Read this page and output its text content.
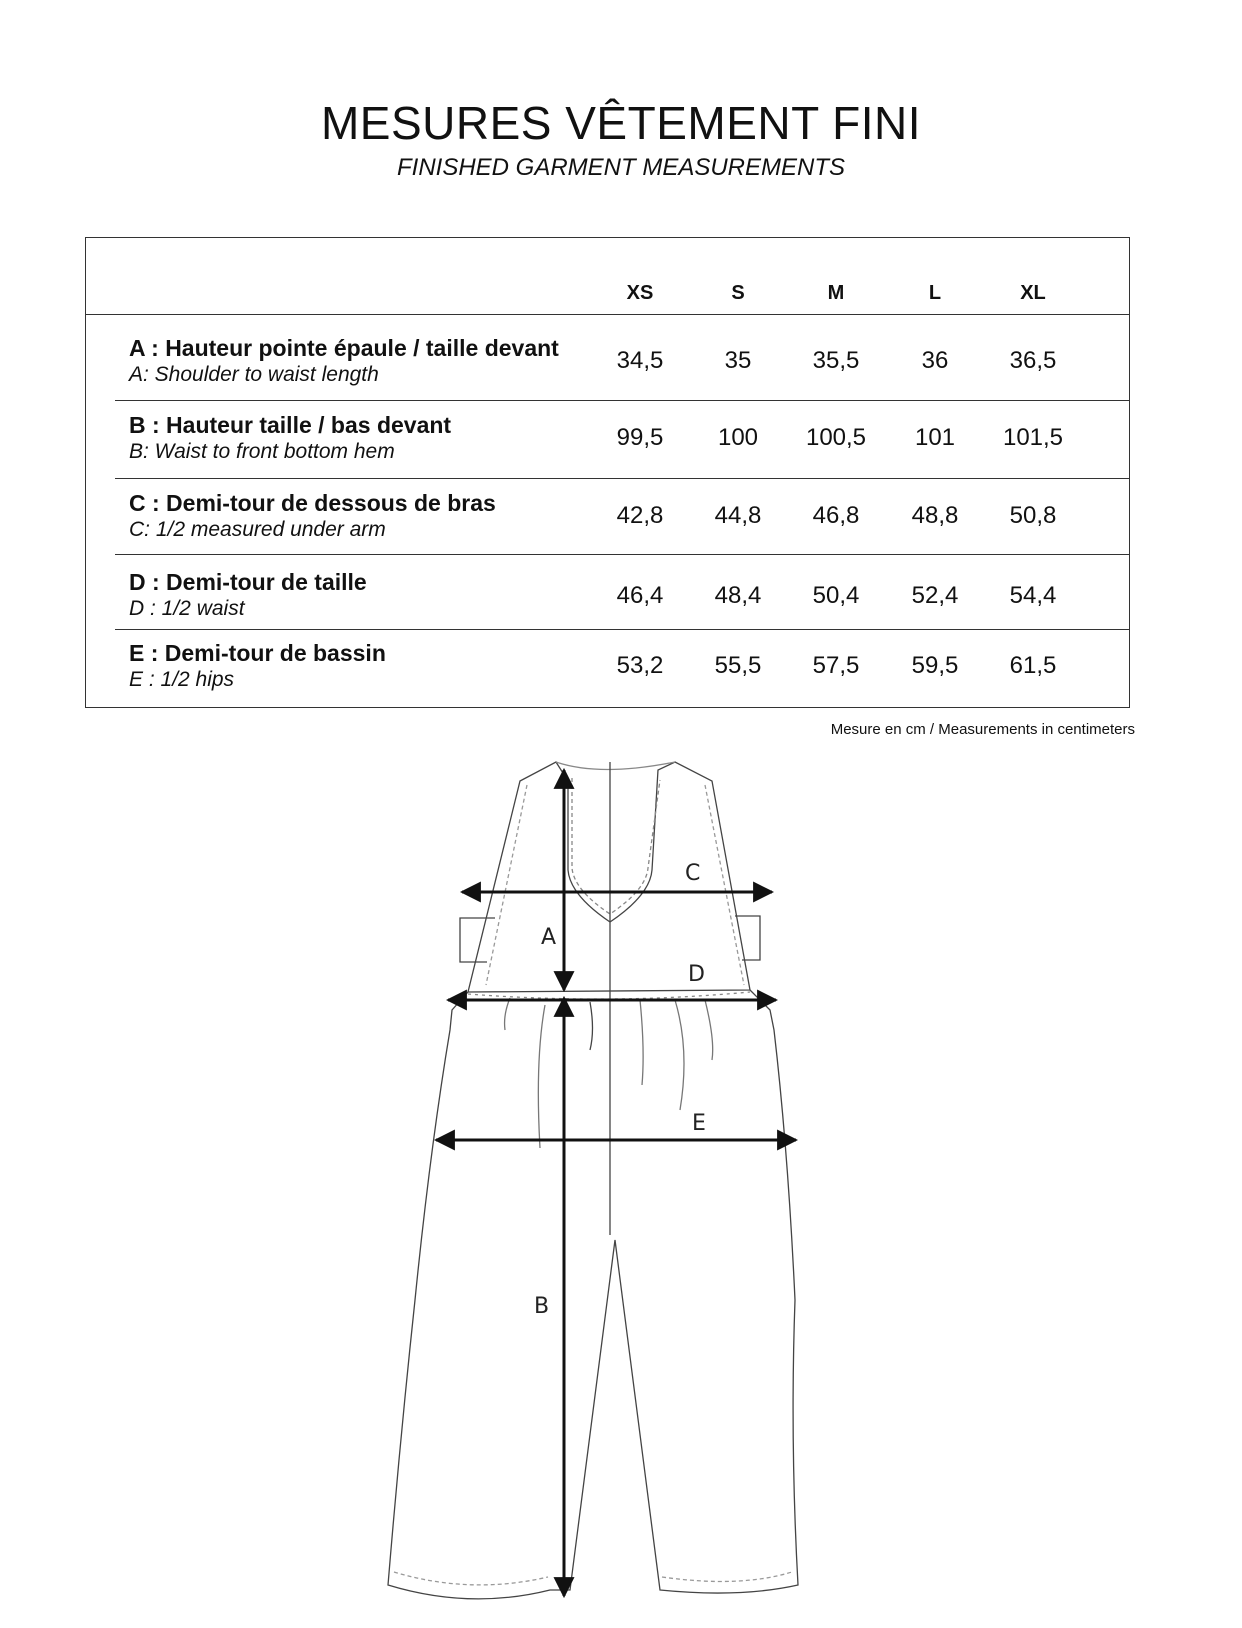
MESURES VÊTEMENT FINI
FINISHED GARMENT MEASUREMENTS
XS	S	M	L	XL
A : Hauteur pointe épaule / taille devant
A: Shoulder to waist length
34,5	35	35,5	36	36,5
B : Hauteur taille / bas devant
B: Waist to front bottom hem
99,5	100	100,5	101	101,5
C : Demi-tour de dessous de bras
C: 1/2 measured under arm
42,8	44,8	46,8	48,8	50,8
D : Demi-tour de taille
D : 1/2 waist	46,4	48,4	50,4	52,4	54,4
E : Demi-tour de bassin
E : 1/2 hips
53,2	55,5	57,5	59,5	61,5
Mesure en cm / Measurements in centimeters
A
B
C
D
E
